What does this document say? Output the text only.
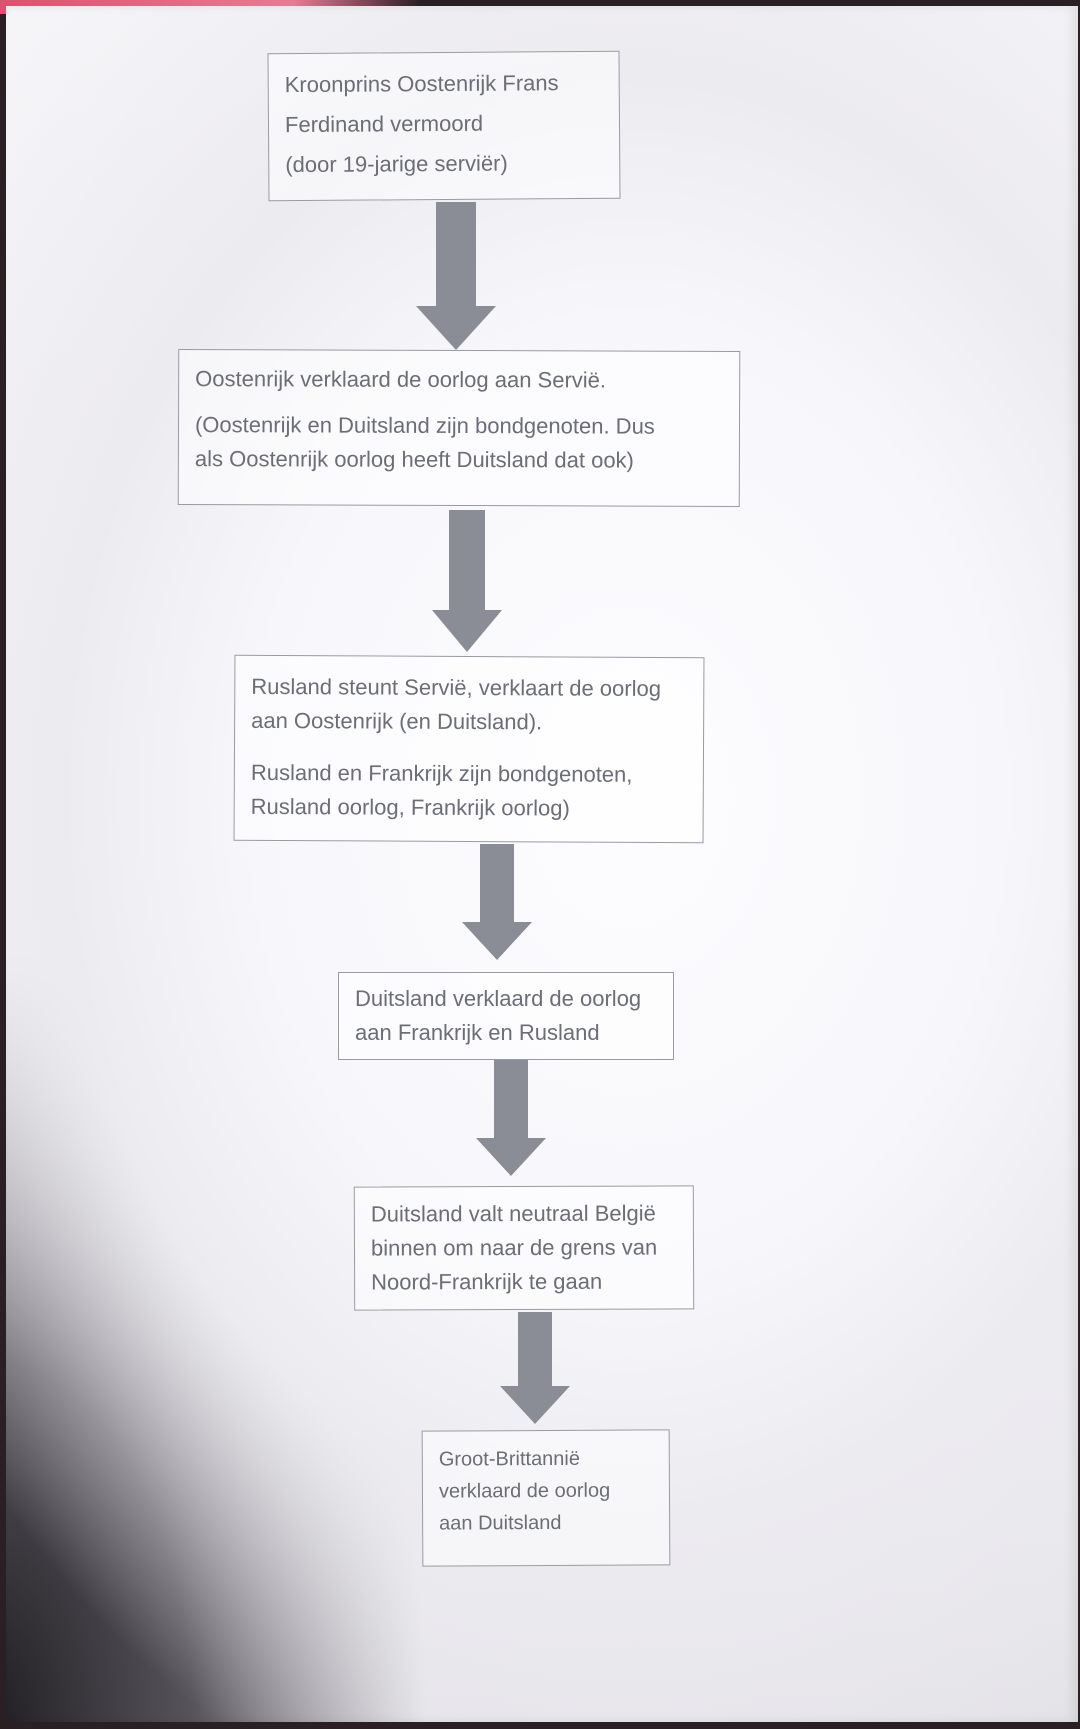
Kroonprins Oostenrijk Frans
Ferdinand vermoord
(door 19-jarige serviër)
Oostenrijk verklaard de oorlog aan Servië.
(Oostenrijk en Duitsland zijn bondgenoten. Dus
als Oostenrijk oorlog heeft Duitsland dat ook)
Rusland steunt Servië, verklaart de oorlog
aan Oostenrijk (en Duitsland).
Rusland en Frankrijk zijn bondgenoten,
Rusland oorlog, Frankrijk oorlog)
Duitsland verklaard de oorlog
aan Frankrijk en Rusland
Duitsland valt neutraal België
binnen om naar de grens van
Noord-Frankrijk te gaan
Groot-Brittannië
verklaard de oorlog
aan Duitsland
